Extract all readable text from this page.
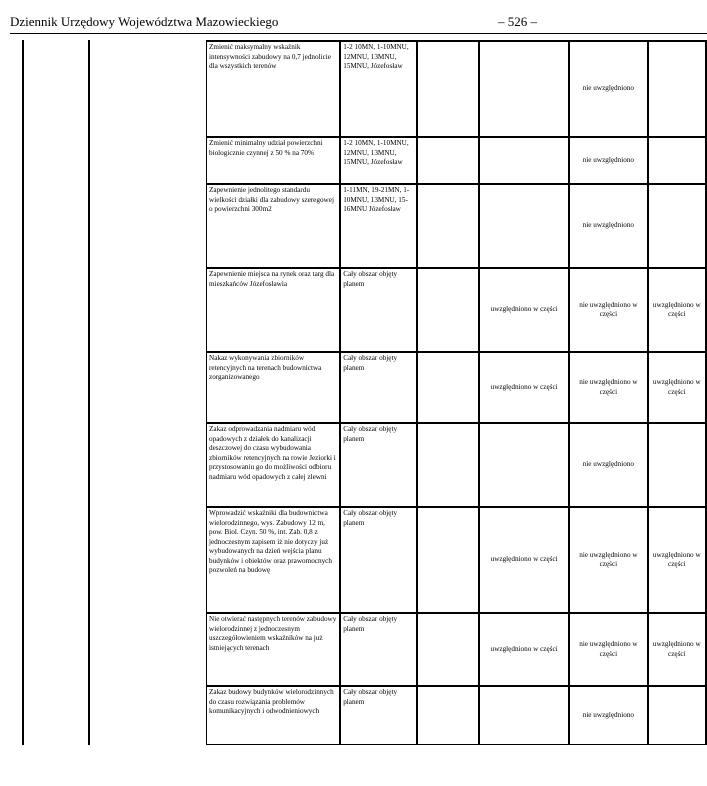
Dziennik Urzędowy Województwa Mazowieckiego	– 526 –
Zmienić maksymalny wskaźnik intensywności zabudowy na 0,7 jednolicie dla wszystkich terenów	1-2 10MN, 1-10MNU, 12MNU, 13MNU, 15MNU, Józefosław			nie uwzględniono	
Zmienić minimalny udział powierzchni biologicznie czynnej z 50 % na 70%	1-2 10MN, 1-10MNU, 12MNU, 13MNU, 15MNU, Józefosław			nie uwzględniono	
Zapewnienie jednolitego standardu wielkości działki dla zabudowy szeregowej o powierzchni 300m2	1-11MN, 19-21MN, 1-10MNU, 13MNU, 15-16MNU Józefosław			nie uwzględniono	
Zapewnienie miejsca na rynek oraz targ dla mieszkańców Józefosławia	Cały obszar objęty planem		uwzględniono w części	nie uwzględniono w części	uwzględniono w części
Nakaz wykonywania zbiorników retencyjnych na terenach budownictwa zorganizowanego	Cały obszar objęty planem		uwzględniono w części	nie uwzględniono w części	uwzględniono w części
Zakaz odprowadzania nadmiaru wód opadowych z działek do kanalizacji deszczowej do czasu wybudowania zbiorników retencyjnych na rowie Jeziorki i przystosowaniu go do możliwości odbioru nadmiaru wód opadowych z całej zlewni	Cały obszar objęty planem			nie uwzględniono	
Wprowadzić wskaźniki dla budownictwa wielorodzinnego, wys. Zabudowy 12 m, pow. Biol. Czyn. 50 %, int. Zab. 0,8 z jednoczesnym zapisem iż nie dotyczy już wybudowanych na dzień wejścia planu budynków i obiektów oraz prawomocnych pozwoleń na budowę	Cały obszar objęty planem		uwzględniono w części	nie uwzględniono w części	uwzględniono w części
Nie otwierać następnych terenów zabudowy wielorodzinnej z jednoczesnym uszczegółowieniem wskaźników na już istniejących terenach	Cały obszar objęty planem		uwzględniono w części	nie uwzględniono w części	uwzględniono w części
Zakaz budowy budynków wielorodzinnych do czasu rozwiązania problemów komunikacyjnych i odwodnieniowych	Cały obszar objęty planem			nie uwzględniono	
